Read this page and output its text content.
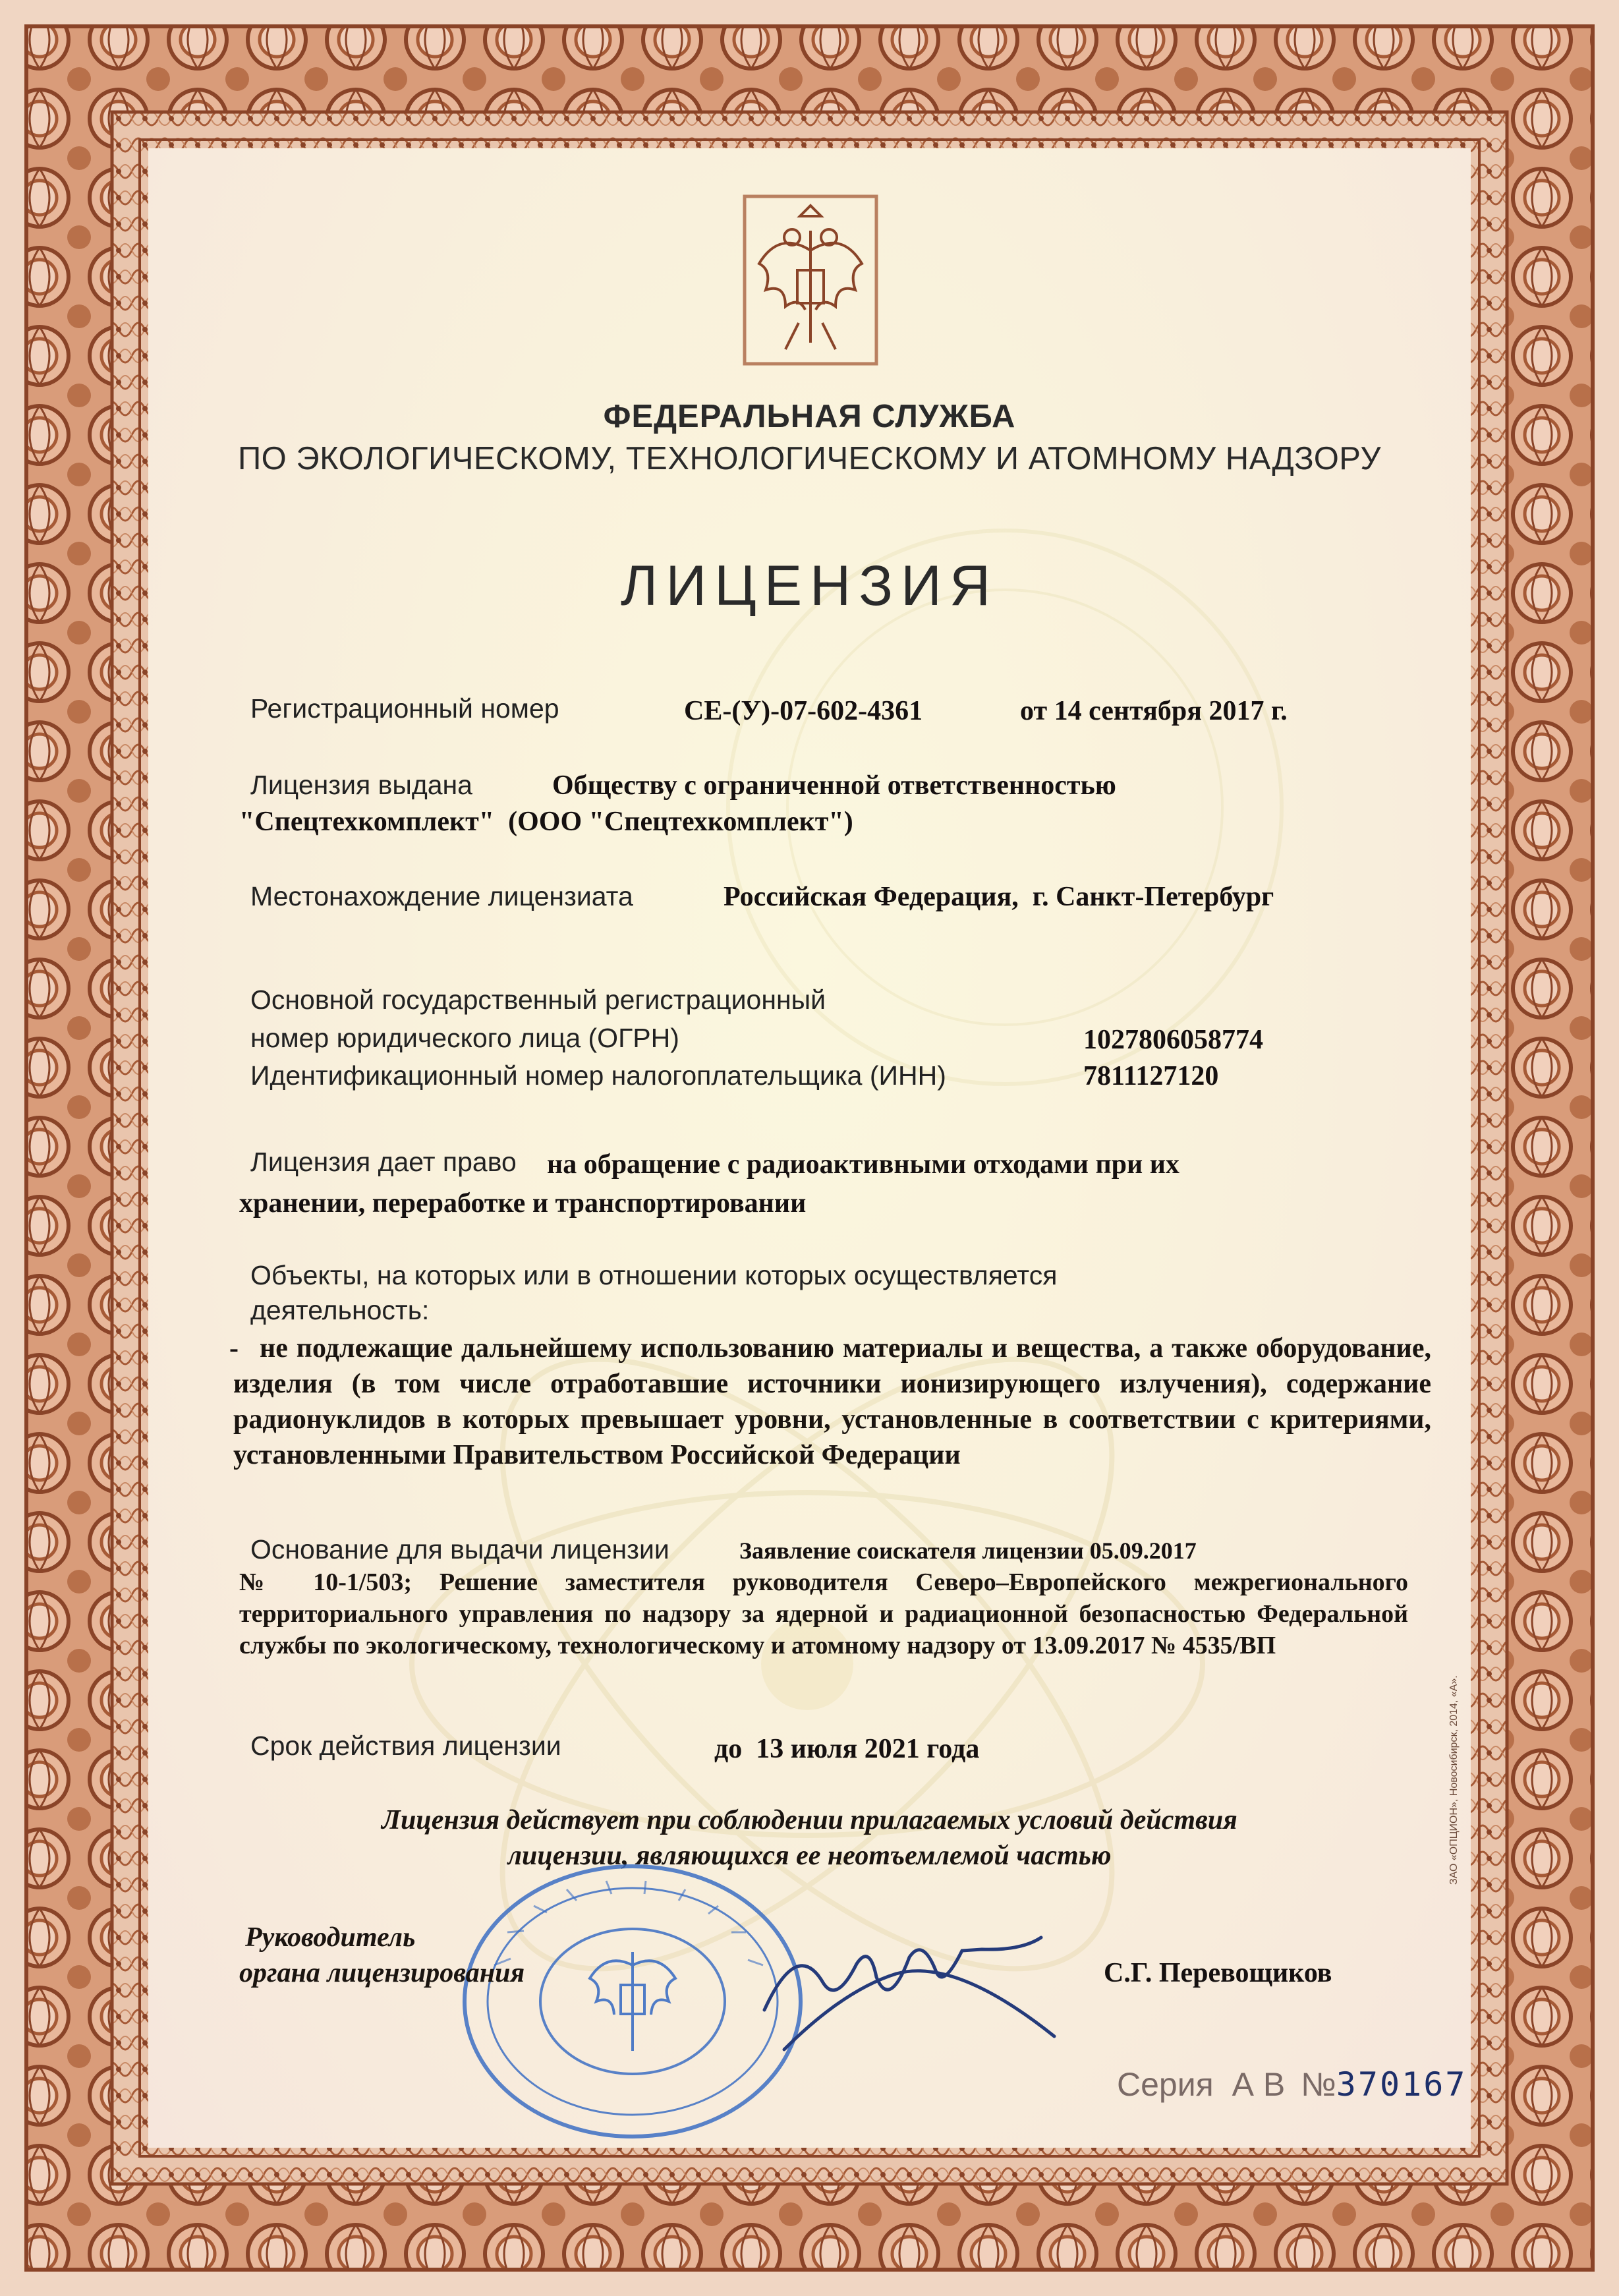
ФЕДЕРАЛЬНАЯ СЛУЖБА
ПО ЭКОЛОГИЧЕСКОМУ, ТЕХНОЛОГИЧЕСКОМУ И АТОМНОМУ НАДЗОРУ
ЛИЦЕНЗИЯ
Регистрационный номер	СЕ-(У)-07-602-4361	от 14 сентября 2017 г.
Лицензия выдана	Обществу с ограниченной ответственностью
"Спецтехкомплект"  (ООО "Спецтехкомплект")
Местонахождение лицензиата	Российская Федерация,  г. Санкт-Петербург
Основной государственный регистрационный
номер юридического лица (ОГРН)	1027806058774
Идентификационный номер налогоплательщика (ИНН)	7811127120
Лицензия дает право на обращение с радиоактивными отходами при их
хранении, переработке и транспортировании
Объекты, на которых или в отношении которых осуществляется
деятельность:
- не подлежащие дальнейшему использованию материалы и вещества, а также оборудование, изделия (в том числе отработавшие источники ионизирующего излучения), содержание радионуклидов в которых превышает уровни, установленные в соответствии с критериями, установленными Правительством Российской Федерации
Основание для выдачи лицензии	Заявление соискателя лицензии 05.09.2017
№ 10-1/503; Решение заместителя руководителя Северо–Европейского межрегионального территориального управления по надзору за ядерной и радиационной безопасностью Федеральной службы по экологическому, технологическому и атомному надзору от 13.09.2017 № 4535/ВП
Срок действия лицензии	до  13 июля 2021 года
Лицензия действует при соблюдении прилагаемых условий действия
лицензии, являющихся ее неотъемлемой частью
Руководитель
органа лицензирования	С.Г. Перевощиков
Серия А В №370167
ЗАО «ОПЦИОН», Новосибирск, 2014, «А».
